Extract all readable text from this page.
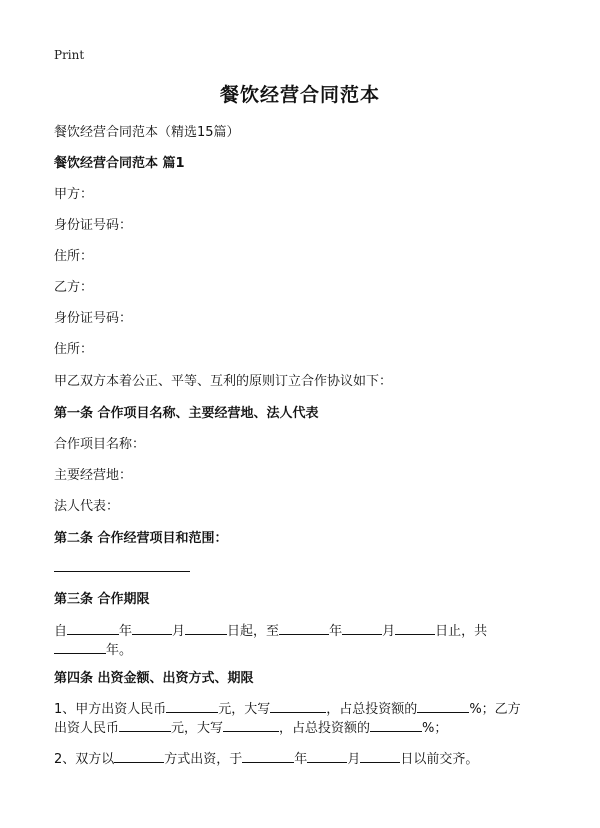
Print
餐饮经营合同范本
餐饮经营合同范本（精选15篇）
餐饮经营合同范本 篇1
甲方：
身份证号码：
住所：
乙方：
身份证号码：
住所：
甲乙双方本着公正、平等、互利的原则订立合作协议如下：
第一条 合作项目名称、主要经营地、法人代表
合作项目名称：
主要经营地：
法人代表：
第二条 合作经营项目和范围：
第三条 合作期限
自	年	月	日起，至	年	月	日止，共
年。
第四条 出资金额、出资方式、期限
1、甲方出资人民币	元，大写	，占总投资额的	%；乙方
出资人民币	元，大写	，占总投资额的	%；
2、双方以	方式出资，于	年	月	日以前交齐。
